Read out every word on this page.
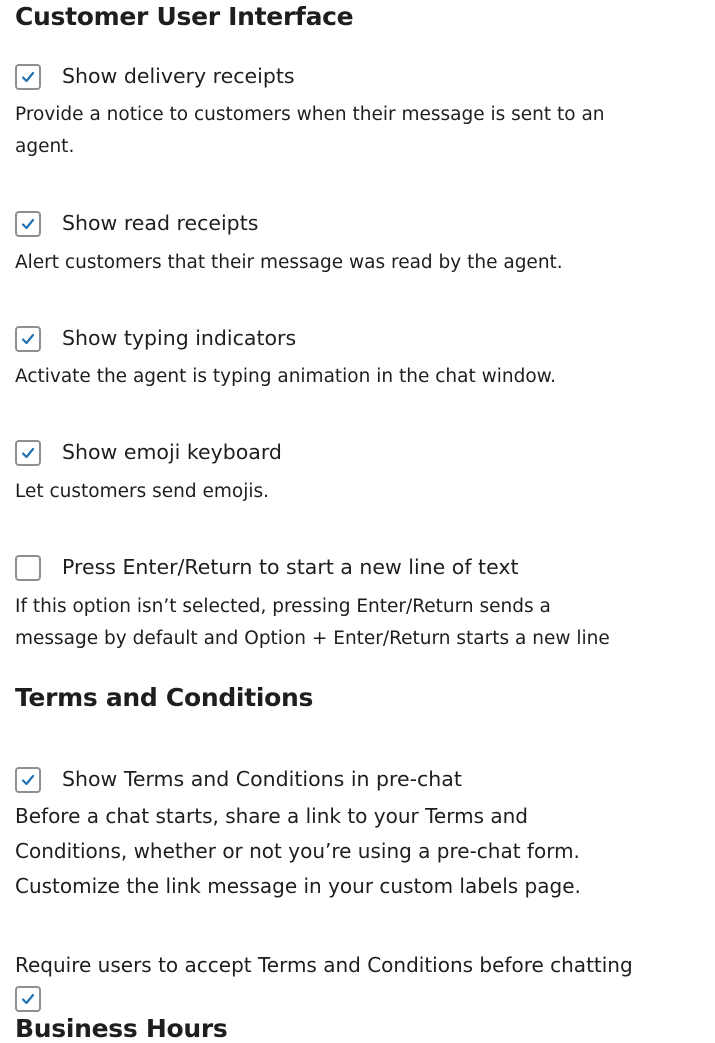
Customer User Interface
Show delivery receipts
Provide a notice to customers when their message is sent to an
agent.
Show read receipts
Alert customers that their message was read by the agent.
Show typing indicators
Activate the agent is typing animation in the chat window.
Show emoji keyboard
Let customers send emojis.
Press Enter/Return to start a new line of text
If this option isn’t selected, pressing Enter/Return sends a
message by default and Option + Enter/Return starts a new line
Terms and Conditions
Show Terms and Conditions in pre-chat
Before a chat starts, share a link to your Terms and
Conditions, whether or not you’re using a pre-chat form.
Customize the link message in your custom labels page.
Require users to accept Terms and Conditions before chatting
Business Hours
